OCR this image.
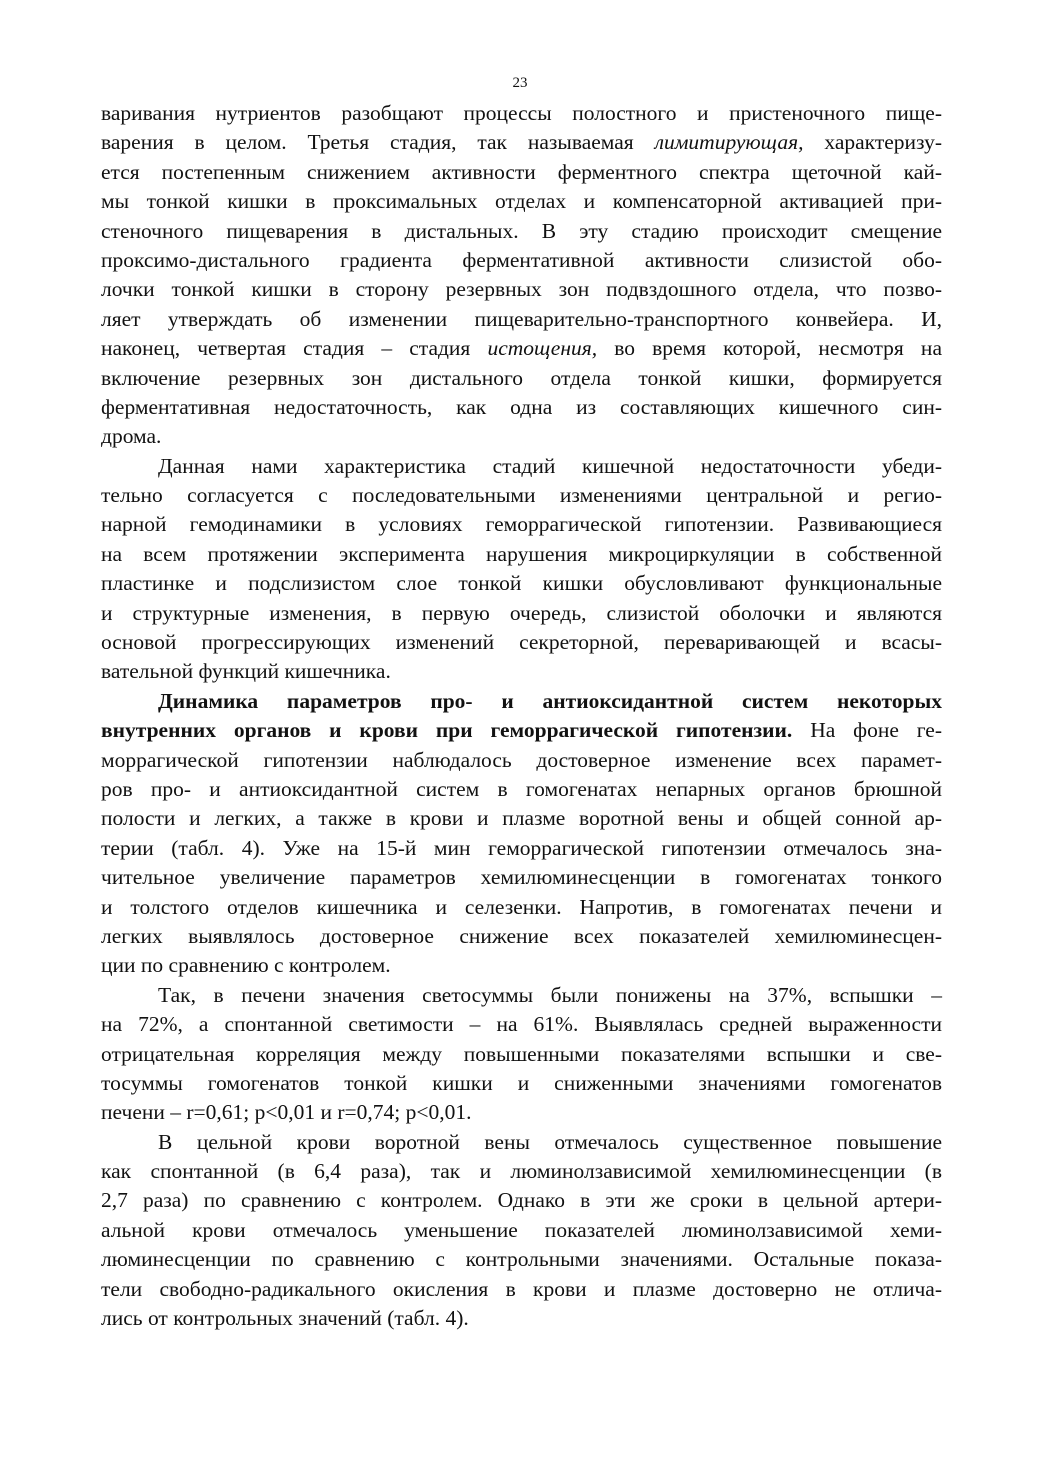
23
варивания нутриентов разобщают процессы полостного и пристеночного пище-
варения в целом. Третья стадия, так называемая лимитирующая, характеризу-
ется постепенным снижением активности ферментного спектра щеточной кай-
мы тонкой кишки в проксимальных отделах и компенсаторной активацией при-
стеночного пищеварения в дистальных. В эту стадию происходит смещение
проксимо-дистального градиента ферментативной активности слизистой обо-
лочки тонкой кишки в сторону резервных зон подвздошного отдела, что позво-
ляет утверждать об изменении пищеварительно-транспортного конвейера. И,
наконец, четвертая стадия – стадия истощения, во время которой, несмотря на
включение резервных зон дистального отдела тонкой кишки, формируется
ферментативная недостаточность, как одна из составляющих кишечного син-
дрома.
Данная нами характеристика стадий кишечной недостаточности убеди-
тельно согласуется с последовательными изменениями центральной и регио-
нарной гемодинамики в условиях геморрагической гипотензии. Развивающиеся
на всем протяжении эксперимента нарушения микроциркуляции в собственной
пластинке и подслизистом слое тонкой кишки обусловливают функциональные
и структурные изменения, в первую очередь, слизистой оболочки и являются
основой прогрессирующих изменений секреторной, переваривающей и всасы-
вательной функций кишечника.
Динамика параметров про- и антиоксидантной систем некоторых
внутренних органов и крови при геморрагической гипотензии. На фоне ге-
моррагической гипотензии наблюдалось достоверное изменение всех парамет-
ров про- и антиоксидантной систем в гомогенатах непарных органов брюшной
полости и легких, а также в крови и плазме воротной вены и общей сонной ар-
терии (табл. 4). Уже на 15-й мин геморрагической гипотензии отмечалось зна-
чительное увеличение параметров хемилюминесценции в гомогенатах тонкого
и толстого отделов кишечника и селезенки. Напротив, в гомогенатах печени и
легких выявлялось достоверное снижение всех показателей хемилюминесцен-
ции по сравнению с контролем.
Так, в печени значения светосуммы были понижены на 37%, вспышки –
на 72%, а спонтанной светимости – на 61%. Выявлялась средней выраженности
отрицательная корреляция между повышенными показателями вспышки и све-
тосуммы гомогенатов тонкой кишки и сниженными значениями гомогенатов
печени – r=0,61; p<0,01 и r=0,74; p<0,01.
В цельной крови воротной вены отмечалось существенное повышение
как спонтанной (в 6,4 раза), так и люминолзависимой хемилюминесценции (в
2,7 раза) по сравнению с контролем. Однако в эти же сроки в цельной артери-
альной крови отмечалось уменьшение показателей люминолзависимой хеми-
люминесценции по сравнению с контрольными значениями. Остальные показа-
тели свободно-радикального окисления в крови и плазме достоверно не отлича-
лись от контрольных значений (табл. 4).
